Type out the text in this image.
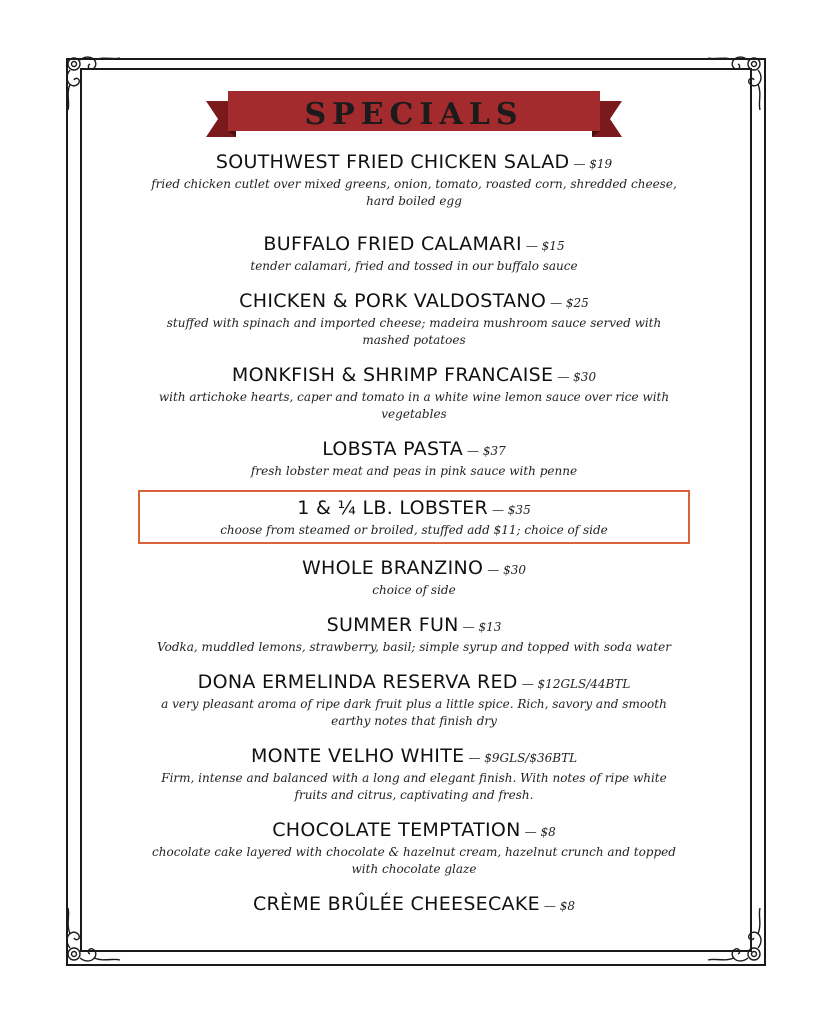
SPECIALS
SOUTHWEST FRIED CHICKEN SALAD — $19
fried chicken cutlet over mixed greens, onion, tomato, roasted corn, shredded cheese, hard boiled egg
BUFFALO FRIED CALAMARI — $15
tender calamari, fried and tossed in our buffalo sauce
CHICKEN & PORK VALDOSTANO — $25
stuffed with spinach and imported cheese; madeira mushroom sauce served with mashed potatoes
MONKFISH & SHRIMP FRANCAISE — $30
with artichoke hearts, caper and tomato in a white wine lemon sauce over rice with vegetables
LOBSTA PASTA — $37
fresh lobster meat and peas in pink sauce with penne
1 & ¼ LB. LOBSTER — $35
choose from steamed or broiled, stuffed add $11; choice of side
WHOLE BRANZINO — $30
choice of side
SUMMER FUN — $13
Vodka, muddled lemons, strawberry, basil; simple syrup and topped with soda water
DONA ERMELINDA RESERVA RED — $12GLS/44BTL
a very pleasant aroma of ripe dark fruit plus a little spice. Rich, savory and smooth earthy notes that finish dry
MONTE VELHO WHITE — $9GLS/$36BTL
Firm, intense and balanced with a long and elegant finish. With notes of ripe white fruits and citrus, captivating and fresh.
CHOCOLATE TEMPTATION — $8
chocolate cake layered with chocolate & hazelnut cream, hazelnut crunch and topped with chocolate glaze
CRÈME BRÛLÉE CHEESECAKE — $8
